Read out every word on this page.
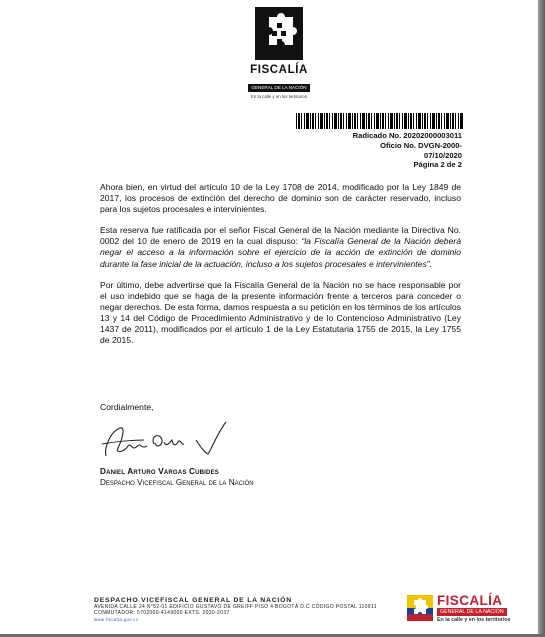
FISCALÍA
GENERAL DE LA NACIÓN
En la calle y en los territorios
Radicado No. 20202000003011
Oficio No. DVGN-2000-
07/10/2020
Página 2 de 2

Ahora bien, en virtud del artículo 10 de la Ley 1708 de 2014, modificado por la Ley 1849 de 2017, los procesos de extinción del derecho de dominio son de carácter reservado, incluso para los sujetos procesales e intervinientes.

Esta reserva fue ratificada por el señor Fiscal General de la Nación mediante la Directiva No. 0002 del 10 de enero de 2019 en la cual dispuso: “la Fiscalía General de la Nación deberá negar el acceso a la información sobre el ejercicio de la acción de extinción de dominio durante la fase inicial de la actuación, incluso a los sujetos procesales e intervinientes”.

Por último, debe advertirse que la Fiscalía General de la Nación no se hace responsable por el uso indebido que se haga de la presente información frente a terceros para conceder o negar derechos. De esta forma, damos respuesta a su petición en los términos de los artículos 13 y 14 del Código de Procedimiento Administrativo y de lo Contencioso Administrativo (Ley 1437 de 2011), modificados por el artículo 1 de la Ley Estatutaria 1755 de 2015, la Ley 1755 de 2015.

Cordialmente,
Daniel Arturo Vargas Cubides
Despacho Vicefiscal General de la Nación
DESPACHO VICEFISCAL GENERAL DE LA NACIÓN
AVENIDA CALLE 24 N°52-01 EDIFICIO GUSTAVO DE GREIFF PISO 4 BOGOTÁ D.C CÓDIGO POSTAL 110911
CONMUTADOR: 5702000-4149000 EXTS. 2030-2037
www.fiscalia.gov.co
FISCALÍA
GENERAL DE LA NACIÓN
En la calle y en los territorios
